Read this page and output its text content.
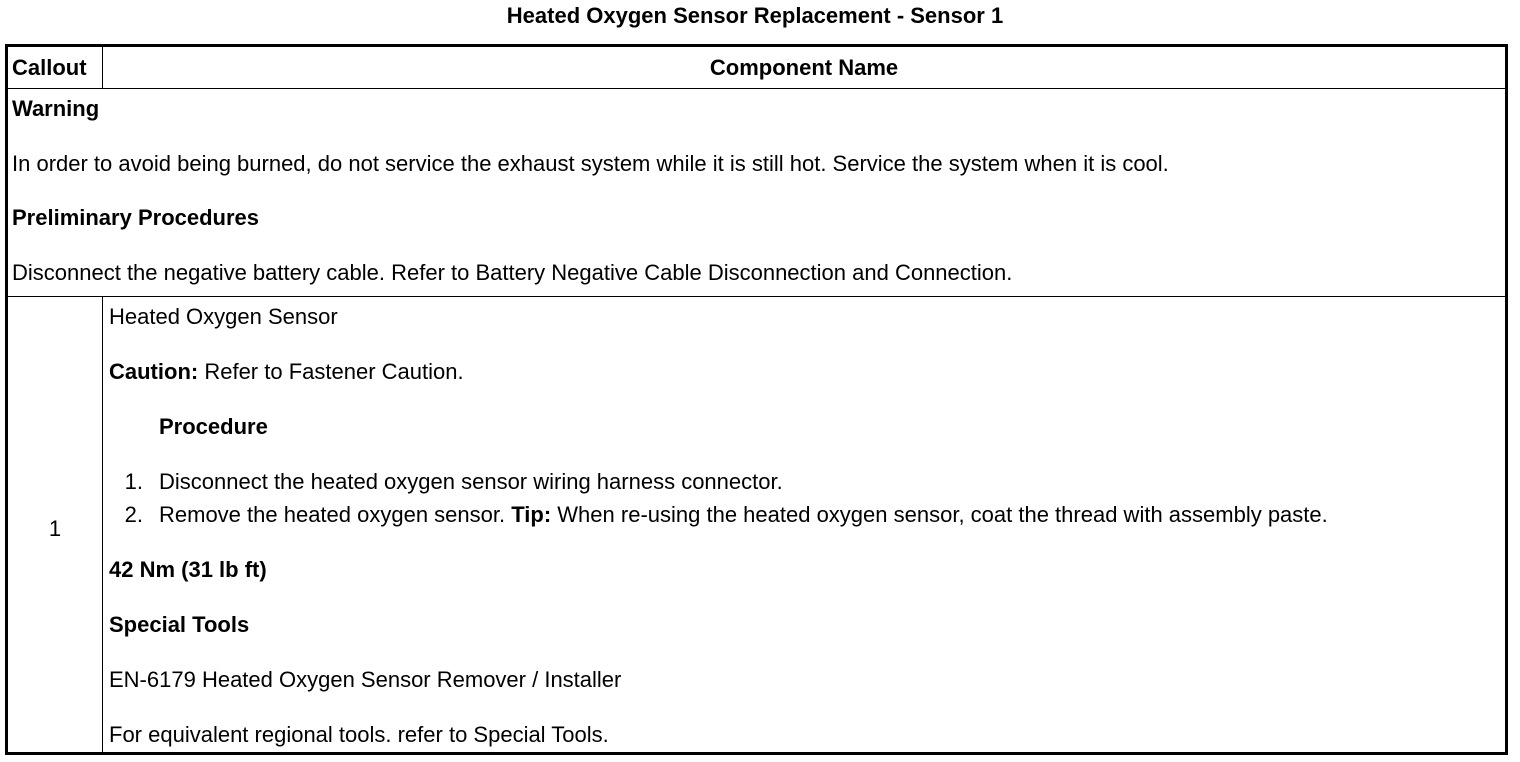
Heated Oxygen Sensor Replacement - Sensor 1
Callout	Component Name
Warning
In order to avoid being burned, do not service the exhaust system while it is still hot. Service the system when it is cool.
Preliminary Procedures
Disconnect the negative battery cable. Refer to Battery Negative Cable Disconnection and Connection.
1
Heated Oxygen Sensor
Caution: Refer to Fastener Caution.
Procedure
1. Disconnect the heated oxygen sensor wiring harness connector.
2. Remove the heated oxygen sensor. Tip: When re-using the heated oxygen sensor, coat the thread with assembly paste.
42 Nm (31 lb ft)
Special Tools
EN-6179 Heated Oxygen Sensor Remover / Installer
For equivalent regional tools. refer to Special Tools.
